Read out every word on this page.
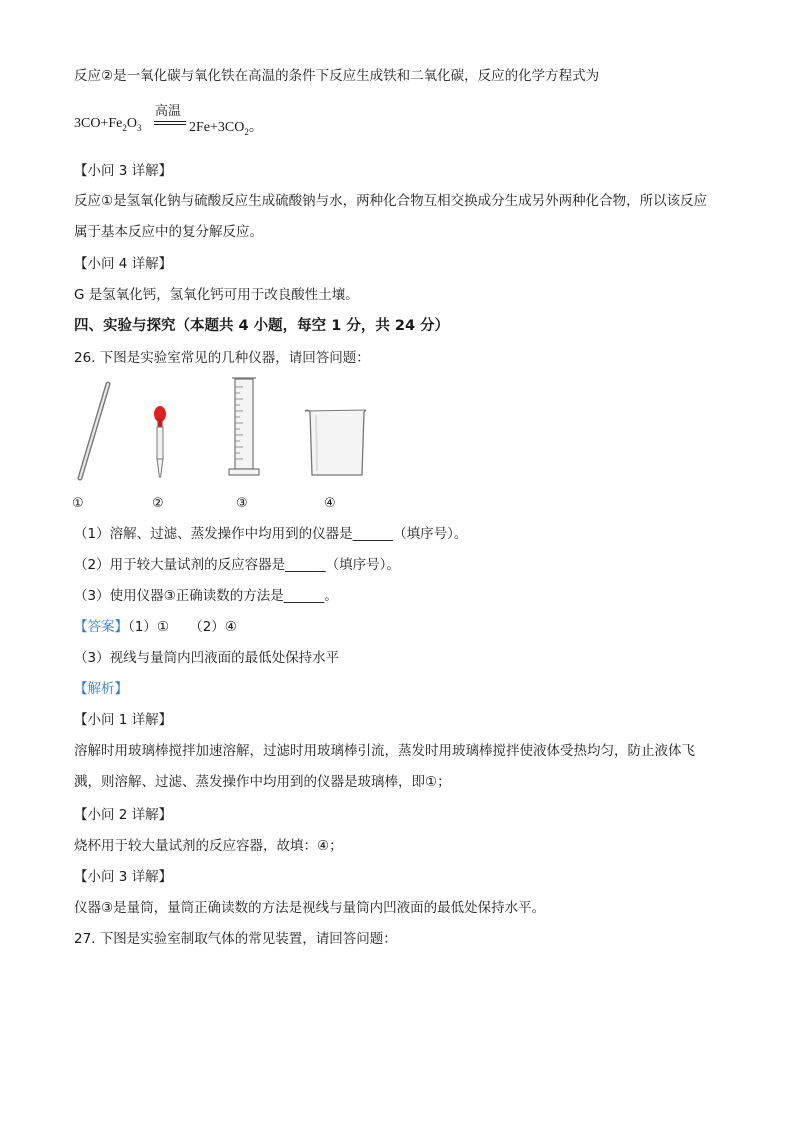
反应②是一氧化碳与氧化铁在高温的条件下反应生成铁和二氧化碳，反应的化学方程式为
$3CO+Fe_2O_3$
高温
$2Fe+3CO_2$。
【小问 3 详解】
反应①是氢氧化钠与硫酸反应生成硫酸钠与水，两种化合物互相交换成分生成另外两种化合物，所以该反应属于基本反应中的复分解反应。
【小问 4 详解】
G 是氢氧化钙，氢氧化钙可用于改良酸性土壤。
四、实验与探究（本题共 4 小题，每空 1 分，共 24 分）
26. 下图是实验室常见的几种仪器，请回答问题：
①	②	③	④
（1）溶解、过滤、蒸发操作中均用到的仪器是______（填序号）。
（2）用于较大量试剂的反应容器是______（填序号）。
（3）使用仪器③正确读数的方法是______。
【答案】（1）①　　（2）④
（3）视线与量筒内凹液面的最低处保持水平
【解析】
【小问 1 详解】
溶解时用玻璃棒搅拌加速溶解，过滤时用玻璃棒引流，蒸发时用玻璃棒搅拌使液体受热均匀，防止液体飞溅，则溶解、过滤、蒸发操作中均用到的仪器是玻璃棒，即①；
【小问 2 详解】
烧杯用于较大量试剂的反应容器，故填：④；
【小问 3 详解】
仪器③是量筒，量筒正确读数的方法是视线与量筒内凹液面的最低处保持水平。
27. 下图是实验室制取气体的常见装置，请回答问题：
